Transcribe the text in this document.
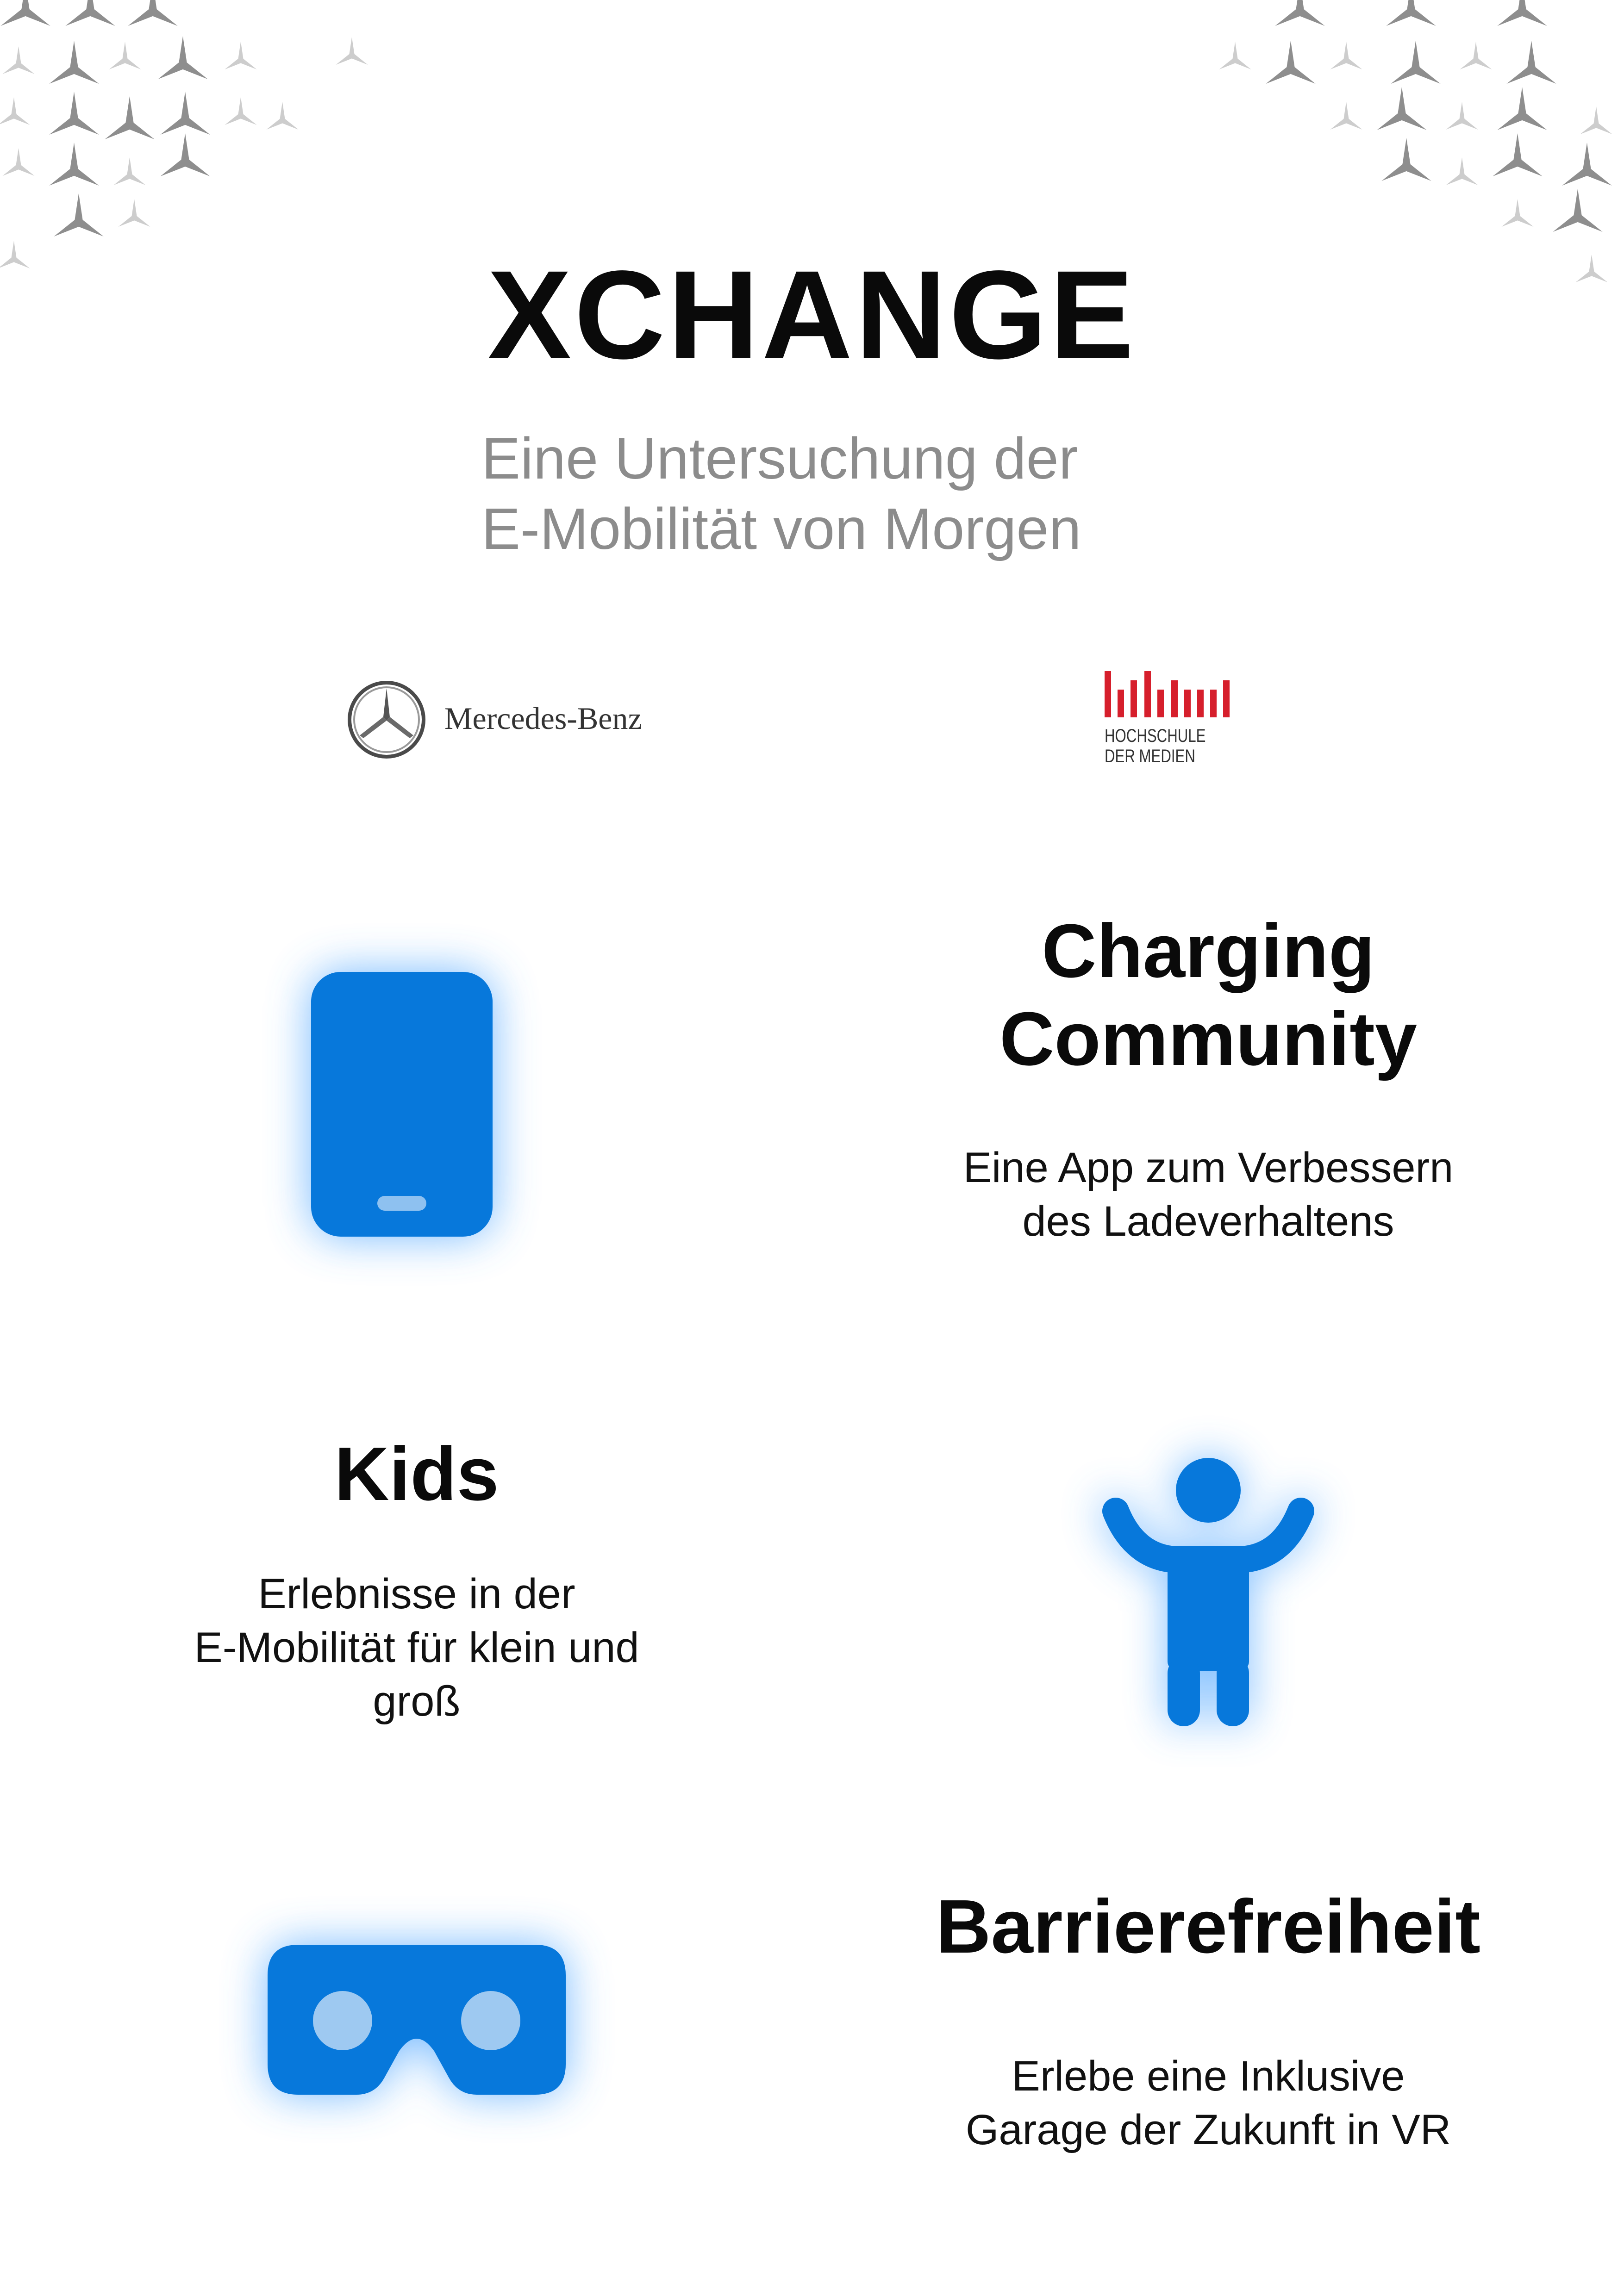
XCHANGE
Eine Untersuchung der
E-Mobilität von Morgen
Mercedes-Benz	HOCHSCHULE
DER MEDIEN
Charging
Community
Eine App zum Verbessern
des Ladeverhaltens
Kids
Erlebnisse in der
E-Mobilität für klein und
groß
Barrierefreiheit
Erlebe eine Inklusive
Garage der Zukunft in VR
